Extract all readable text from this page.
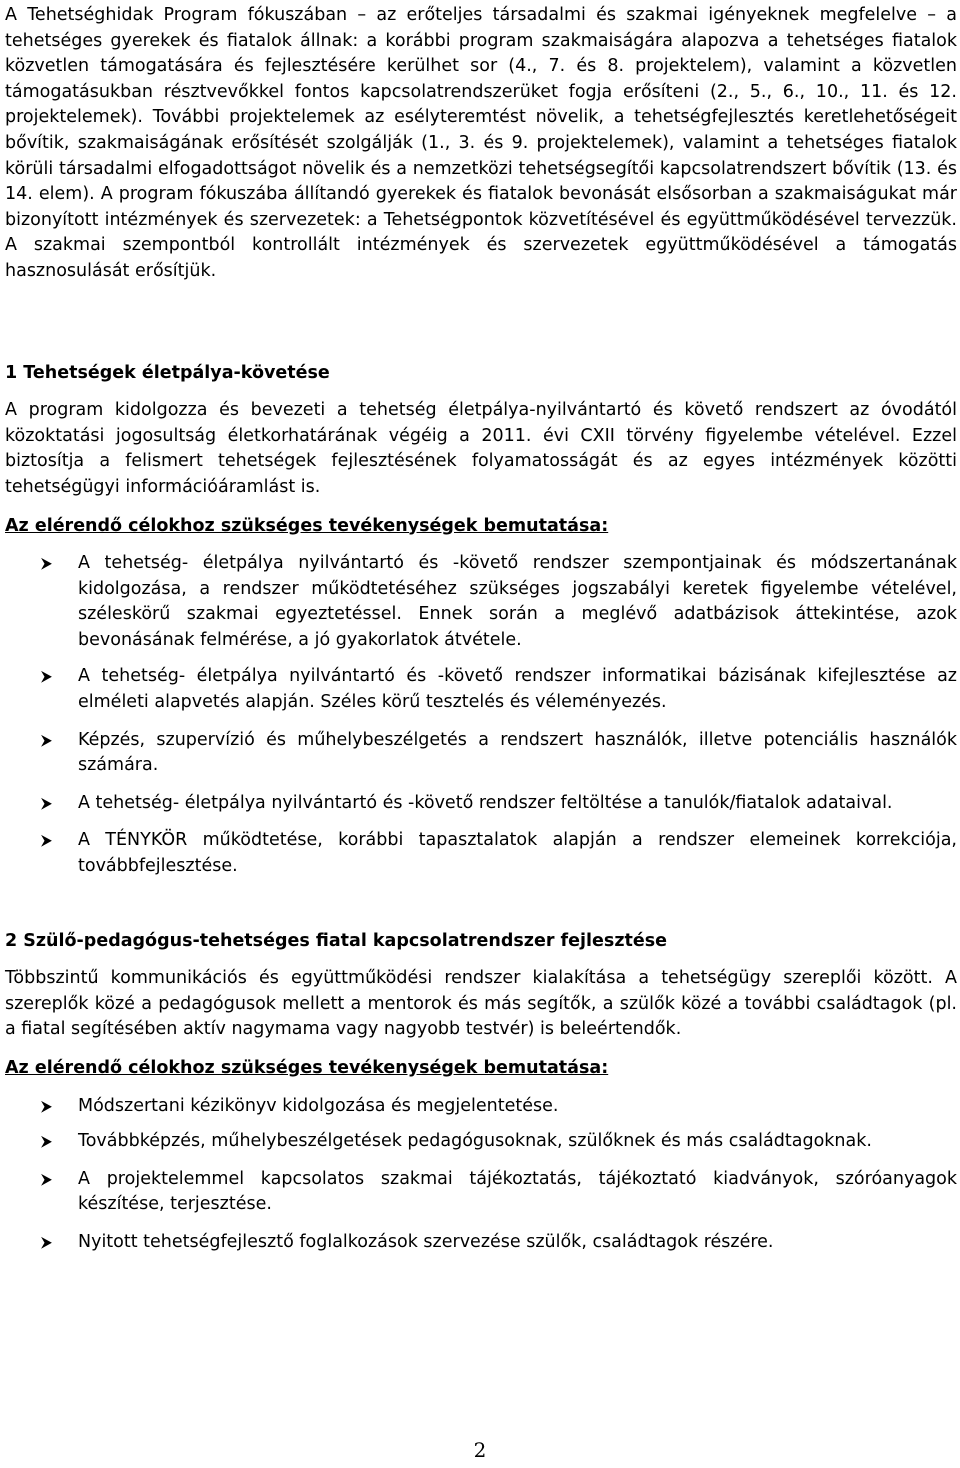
A Tehetséghidak Program fókuszában – az erőteljes társadalmi és szakmai igényeknek megfelelve – a tehetséges gyerekek és fiatalok állnak: a korábbi program szakmaiságára alapozva a tehetséges fiatalok közvetlen támogatására és fejlesztésére kerülhet sor (4., 7. és 8. projektelem), valamint a közvetlen támogatásukban résztvevőkkel fontos kapcsolatrendszerüket fogja erősíteni (2., 5., 6., 10., 11. és 12. projektelemek). További projektelemek az esélyteremtést növelik, a tehetségfejlesztés keretlehetőségeit bővítik, szakmaiságának erősítését szolgálják (1., 3. és 9. projektelemek), valamint a tehetséges fiatalok körüli társadalmi elfogadottságot növelik és a nemzetközi tehetségsegítői kapcsolatrendszert bővítik (13. és 14. elem). A program fókuszába állítandó gyerekek és fiatalok bevonását elsősorban a szakmaiságukat már bizonyított intézmények és szervezetek: a Tehetségpontok közvetítésével és együttműködésével tervezzük. A szakmai szempontból kontrollált intézmények és szervezetek együttműködésével a támogatás hasznosulását erősítjük.

1 Tehetségek életpálya-követése

A program kidolgozza és bevezeti a tehetség életpálya-nyilvántartó és követő rendszert az óvodától közoktatási jogosultság életkorhatárának végéig a 2011. évi CXII törvény figyelembe vételével. Ezzel biztosítja a felismert tehetségek fejlesztésének folyamatosságát és az egyes intézmények közötti tehetségügyi információáramlást is.

Az elérendő célokhoz szükséges tevékenységek bemutatása:

A tehetség- életpálya nyilvántartó és -követő rendszer szempontjainak és módszertanának kidolgozása, a rendszer működtetéséhez szükséges jogszabályi keretek figyelembe vételével, széleskörű szakmai egyeztetéssel. Ennek során a meglévő adatbázisok áttekintése, azok bevonásának felmérése, a jó gyakorlatok átvétele.
A tehetség- életpálya nyilvántartó és -követő rendszer informatikai bázisának kifejlesztése az elméleti alapvetés alapján. Széles körű tesztelés és véleményezés.
Képzés, szupervízió és műhelybeszélgetés a rendszert használók, illetve potenciális használók számára.
A tehetség- életpálya nyilvántartó és -követő rendszer feltöltése a tanulók/fiatalok adataival.
A TÉNYKÖR működtetése, korábbi tapasztalatok alapján a rendszer elemeinek korrekciója, továbbfejlesztése.

2 Szülő-pedagógus-tehetséges fiatal kapcsolatrendszer fejlesztése

Többszintű kommunikációs és együttműködési rendszer kialakítása a tehetségügy szereplői között. A szereplők közé a pedagógusok mellett a mentorok és más segítők, a szülők közé a további családtagok (pl. a fiatal segítésében aktív nagymama vagy nagyobb testvér) is beleértendők.

Az elérendő célokhoz szükséges tevékenységek bemutatása:

Módszertani kézikönyv kidolgozása és megjelentetése.
Továbbképzés, műhelybeszélgetések pedagógusoknak, szülőknek és más családtagoknak.
A projektelemmel kapcsolatos szakmai tájékoztatás, tájékoztató kiadványok, szóróanyagok készítése, terjesztése.
Nyitott tehetségfejlesztő foglalkozások szervezése szülők, családtagok részére.
2
